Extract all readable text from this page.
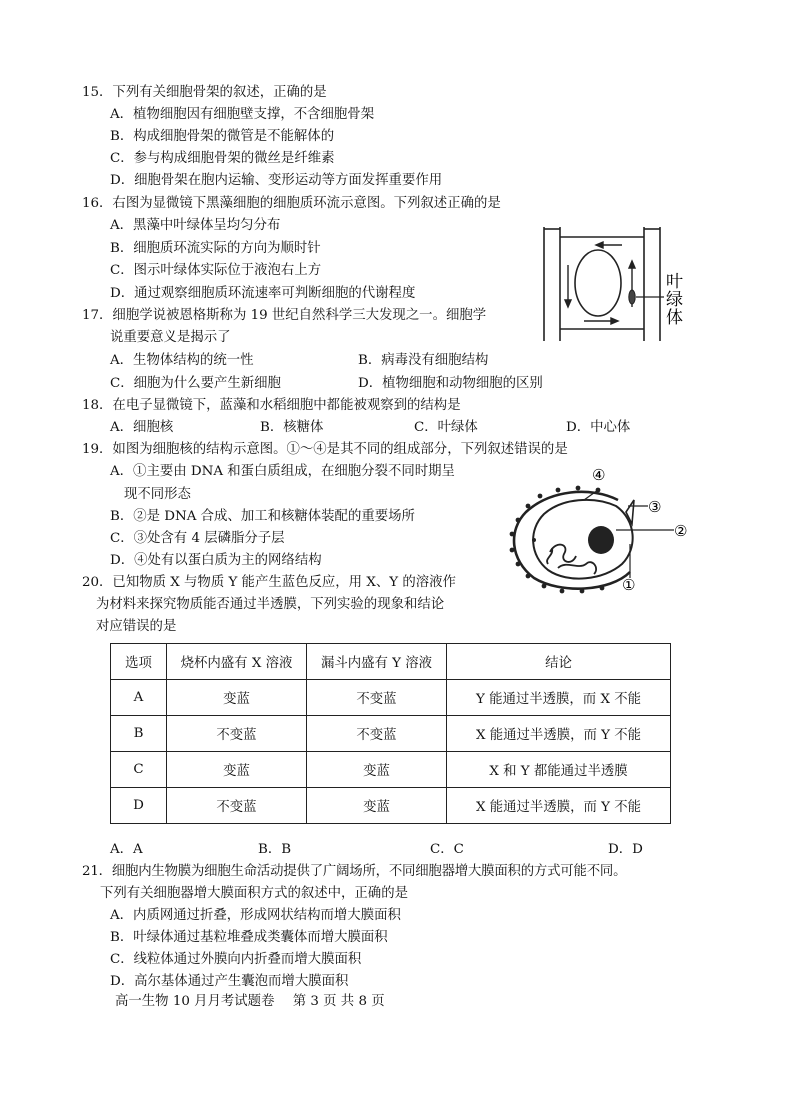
15．下列有关细胞骨架的叙述，正确的是
A．植物细胞因有细胞壁支撑，不含细胞骨架
B．构成细胞骨架的微管是不能解体的
C．参与构成细胞骨架的微丝是纤维素
D．细胞骨架在胞内运输、变形运动等方面发挥重要作用
16．右图为显微镜下黑藻细胞的细胞质环流示意图。下列叙述正确的是
A．黑藻中叶绿体呈均匀分布
B．细胞质环流实际的方向为顺时针
C．图示叶绿体实际位于液泡右上方
D．通过观察细胞质环流速率可判断细胞的代谢程度
叶
绿
体
17．细胞学说被恩格斯称为 19 世纪自然科学三大发现之一。细胞学
说重要意义是揭示了
A．生物体结构的统一性	B．病毒没有细胞结构
C．细胞为什么要产生新细胞	D．植物细胞和动物细胞的区别
18．在电子显微镜下，蓝藻和水稻细胞中都能被观察到的结构是
A．细胞核	B．核糖体	C．叶绿体	D．中心体
19．如图为细胞核的结构示意图。①～④是其不同的组成部分，下列叙述错误的是
A．①主要由 DNA 和蛋白质组成，在细胞分裂不同时期呈
现不同形态
B．②是 DNA 合成、加工和核糖体装配的重要场所
C．③处含有 4 层磷脂分子层
D．④处有以蛋白质为主的网络结构
④
③
②
①
20．已知物质 X 与物质 Y 能产生蓝色反应，用 X、Y 的溶液作
为材料来探究物质能否通过半透膜，下列实验的现象和结论
对应错误的是
选项	烧杯内盛有 X 溶液	漏斗内盛有 Y 溶液	结论
A	变蓝	不变蓝	Y 能通过半透膜，而 X 不能
B	不变蓝	不变蓝	X 能通过半透膜，而 Y 不能
C	变蓝	变蓝	X 和 Y 都能通过半透膜
D	不变蓝	变蓝	X 能通过半透膜，而 Y 不能
A．A	B．B	C．C	D．D
21．细胞内生物膜为细胞生命活动提供了广阔场所，不同细胞器增大膜面积的方式可能不同。
下列有关细胞器增大膜面积方式的叙述中，正确的是
A．内质网通过折叠，形成网状结构而增大膜面积
B．叶绿体通过基粒堆叠成类囊体而增大膜面积
C．线粒体通过外膜向内折叠而增大膜面积
D．高尔基体通过产生囊泡而增大膜面积
高一生物 10 月月考试题卷 第 3 页 共 8 页
